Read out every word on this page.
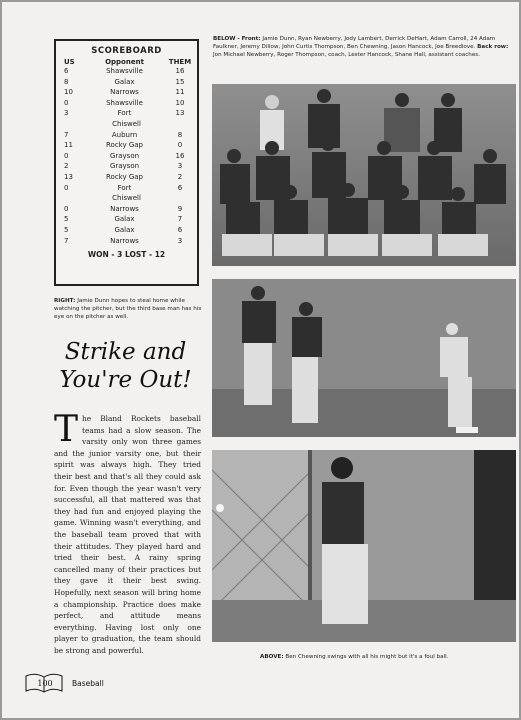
SCOREBOARD
US	Opponent	THEM
6	Shawsville	16
8	Galax	15
10	Narrows	11
0	Shawsville	10
3	Fort	13
Chiswell
7	Auburn	8
11	Rocky Gap	0
0	Grayson	16
2	Grayson	3
13	Rocky Gap	2
0	Fort	6
Chiswell
0	Narrows	9
5	Galax	7
5	Galax	6
7	Narrows	3
WON - 3 LOST - 12
BELOW - Front: Jamie Dunn, Ryan Newberry, Jody Lambert, Derrick DeHart, Adam Carroll, 24 Adam Faulkner, Jeremy Dillow, John Curtis Thompson, Ben Chewning, Jason Hancock, Joe Breedlove. Back row: Jon Michael Newberry, Roger Thompson, coach, Lester Hancock, Shane Hall, assistant coaches.
RIGHT: Jamie Dunn hopes to steal home while watching the pitcher, but the third base man has his eye on the pitcher as well.
Strike and
You're Out!
The Bland Rockets baseball teams had a slow season. The varsity only won three games and the junior varsity one, but their spirit was always high. They tried their best and that's all they could ask for. Even though the year wasn't very successful, all that mattered was that they had fun and enjoyed playing the game. Winning wasn't everything, and the baseball team proved that with their attitudes. They played hard and tried their best. A rainy spring cancelled many of their practices but they gave it their best swing. Hopefully, next season will bring home a championship. Practice does make perfect, and attitude means everything. Having lost only one player to graduation, the team should be strong and powerful.
ABOVE: Ben Chewning swings with all his might but it's a foul ball.
100	Baseball
